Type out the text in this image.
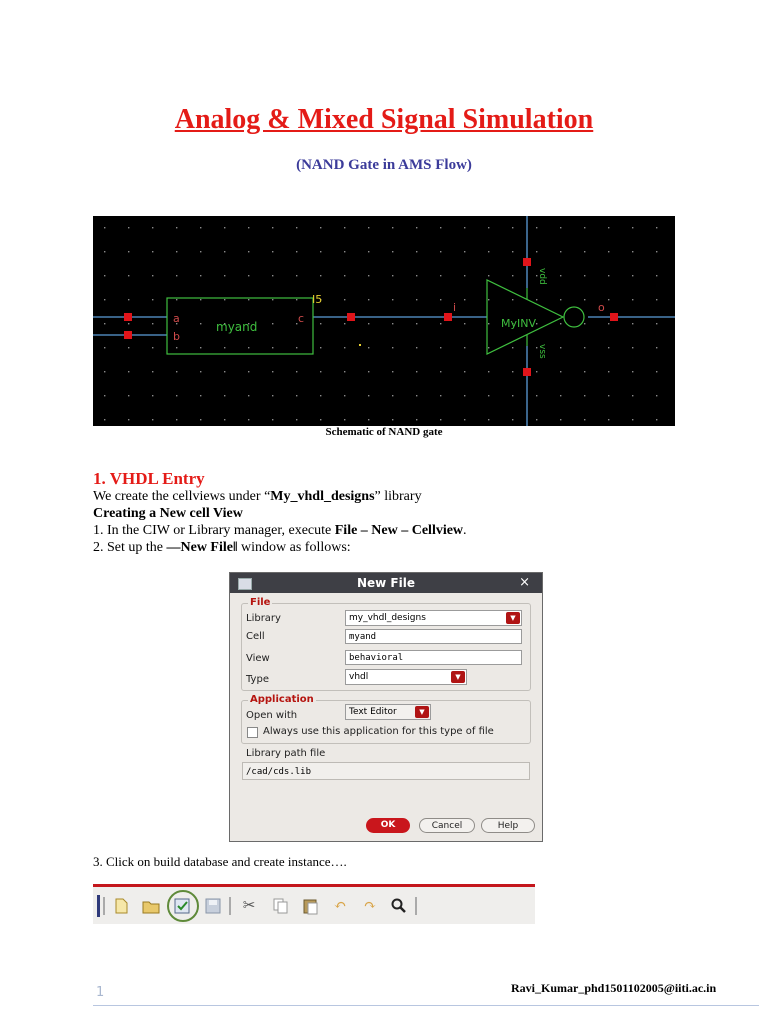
Analog & Mixed Signal Simulation
(NAND Gate in AMS Flow)
a
b
c
myand
I5
i
MyINV
o
vdd
vss
Schematic of NAND gate
1. VHDL Entry
We create the cellviews under “My_vhdl_designs” library
Creating a New cell View
1. In the CIW or Library manager, execute File – New – Cellview.
2. Set up the ―New File‖ window as follows:
New File	×
File
Library	my_vhdl_designs	▼
Cell	myand
View	behavioral
Type	vhdl	▼
Application
Open with	Text Editor	▼
Always use this application for this type of file
Library path file
/cad/cds.lib
OK	Cancel	Help
3. Click on build database and create instance….
✂	↶ ↷
Ravi_Kumar_phd1501102005@iiti.ac.in
1
